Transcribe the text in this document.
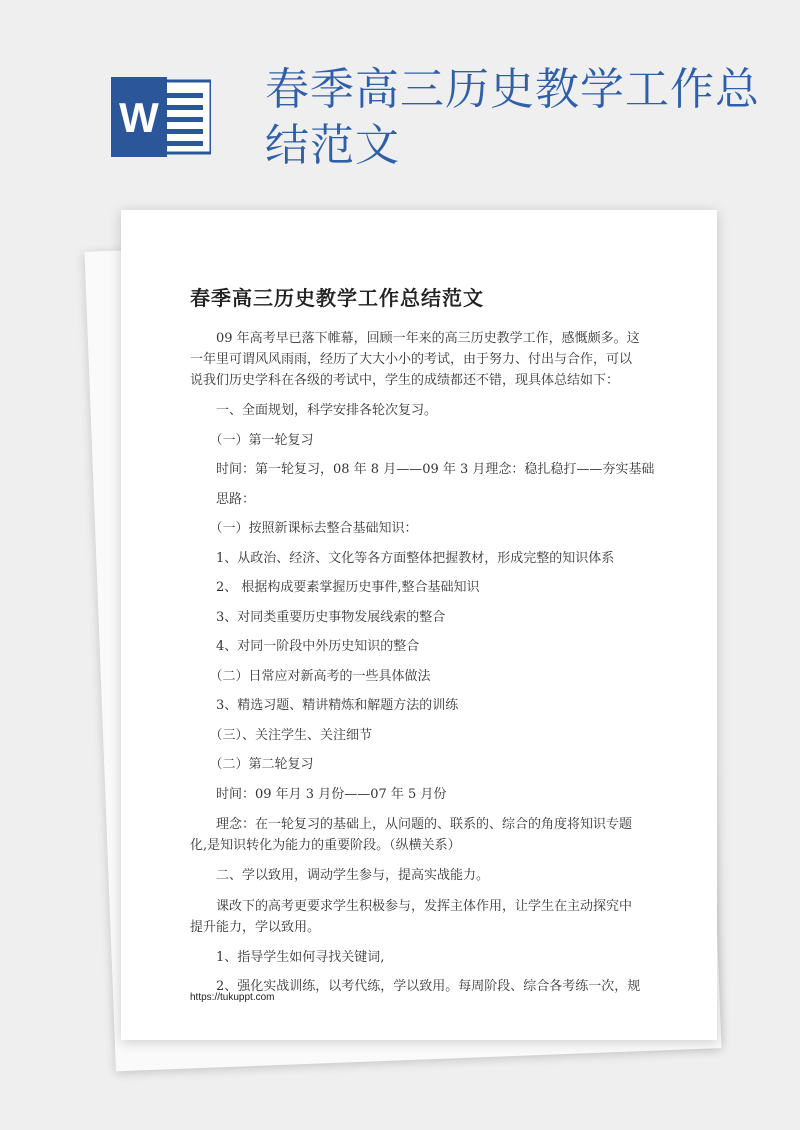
W
春季高三历史教学工作总结范文
春季高三历史教学工作总结范文

09 年高考早已落下帷幕，回顾一年来的高三历史教学工作，感慨颇多。这一年里可谓风风雨雨，经历了大大小小的考试，由于努力、付出与合作，可以说我们历史学科在各级的考试中，学生的成绩都还不错，现具体总结如下：

一、全面规划，科学安排各轮次复习。
（一）第一轮复习
时间：第一轮复习，08 年 8 月——09 年 3 月理念：稳扎稳打——夯实基础
思路：
（一）按照新课标去整合基础知识：
1、从政治、经济、文化等各方面整体把握教材，形成完整的知识体系
2、 根据构成要素掌握历史事件,整合基础知识
3、对同类重要历史事物发展线索的整合
4、对同一阶段中外历史知识的整合
（二）日常应对新高考的一些具体做法
3、精选习题、精讲精炼和解题方法的训练
（三）、关注学生、关注细节
（二）第二轮复习
时间：09 年月 3 月份——07 年 5 月份

理念：在一轮复习的基础上，从问题的、联系的、综合的角度将知识专题化,是知识转化为能力的重要阶段。（纵横关系）

二、学以致用，调动学生参与，提高实战能力。

课改下的高考更要求学生积极参与，发挥主体作用，让学生在主动探究中提升能力，学以致用。

1、指导学生如何寻找关键词,
2、强化实战训练，以考代练，学以致用。每周阶段、综合各考练一次，规
https://tukuppt.com
